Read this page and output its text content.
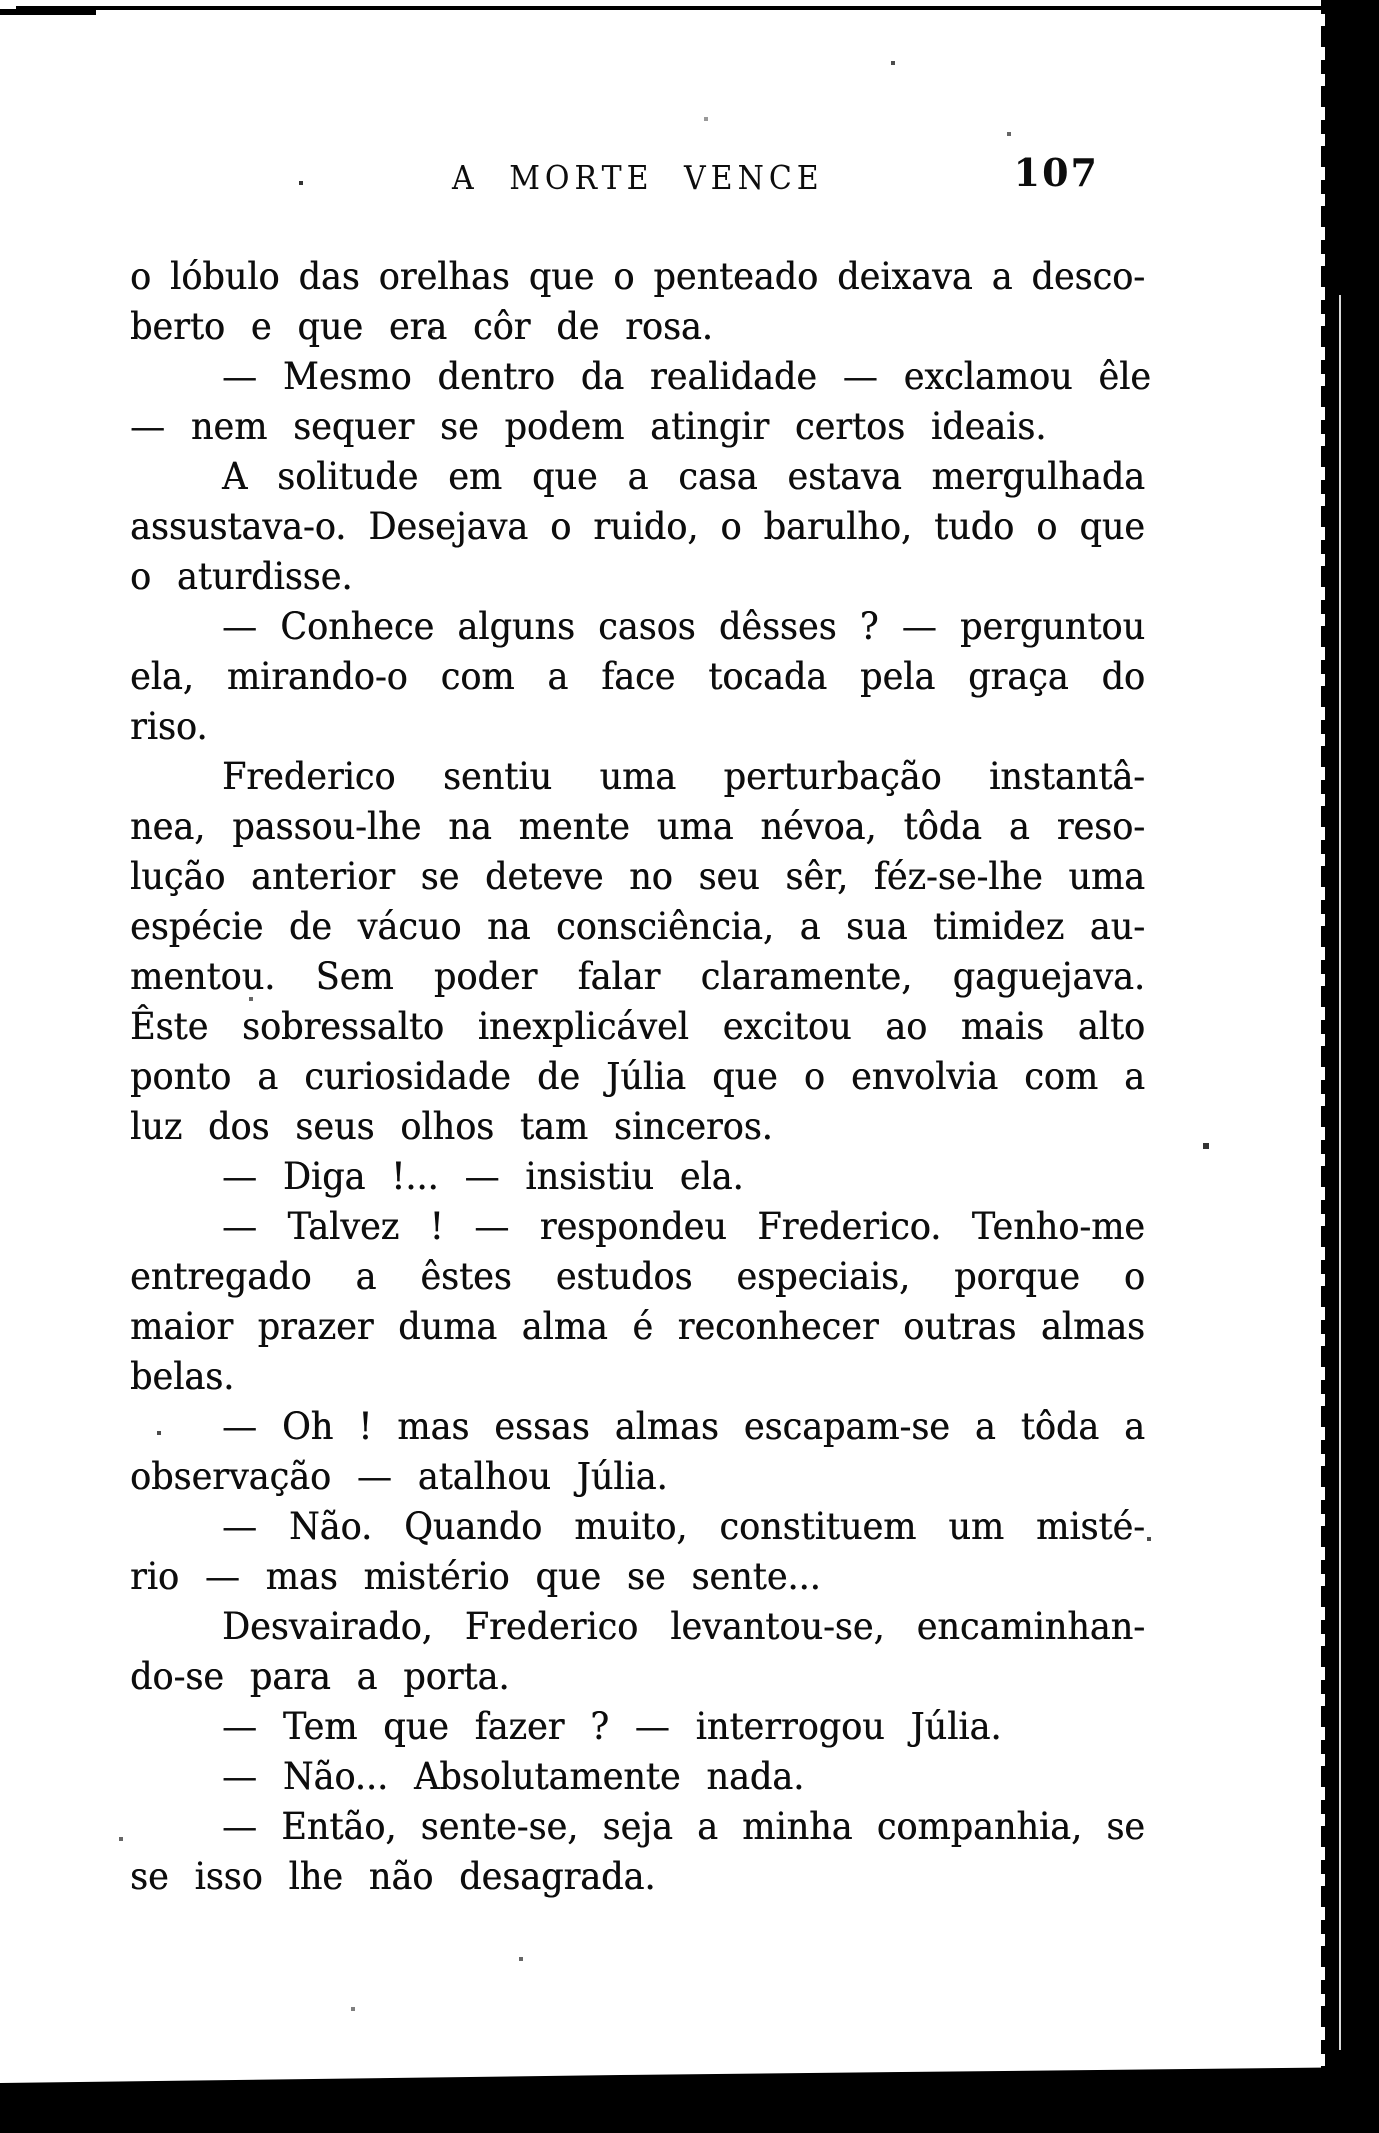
A MORTE VENCE	107
o lóbulo das orelhas que o penteado deixava a desco-
berto e que era côr de rosa.
— Mesmo dentro da realidade — exclamou êle
— nem sequer se podem atingir certos ideais.
A solitude em que a casa estava mergulhada
assustava-o. Desejava o ruido, o barulho, tudo o que
o aturdisse.
— Conhece alguns casos dêsses ? — perguntou
ela, mirando-o com a face tocada pela graça do
riso.
Frederico sentiu uma perturbação instantâ-
nea, passou-lhe na mente uma névoa, tôda a reso-
lução anterior se deteve no seu sêr, féz-se-lhe uma
espécie de vácuo na consciência, a sua timidez au-
mentou. Sem poder falar claramente, gaguejava.
Êste sobressalto inexplicável excitou ao mais alto
ponto a curiosidade de Júlia que o envolvia com a
luz dos seus olhos tam sinceros.
— Diga !... — insistiu ela.
— Talvez ! — respondeu Frederico. Tenho-me
entregado a êstes estudos especiais, porque o
maior prazer duma alma é reconhecer outras almas
belas.
— Oh ! mas essas almas escapam-se a tôda a
observação — atalhou Júlia.
— Não. Quando muito, constituem um misté-
rio — mas mistério que se sente...
Desvairado, Frederico levantou-se, encaminhan-
do-se para a porta.
— Tem que fazer ? — interrogou Júlia.
— Não... Absolutamente nada.
— Então, sente-se, seja a minha companhia, se
se isso lhe não desagrada.
